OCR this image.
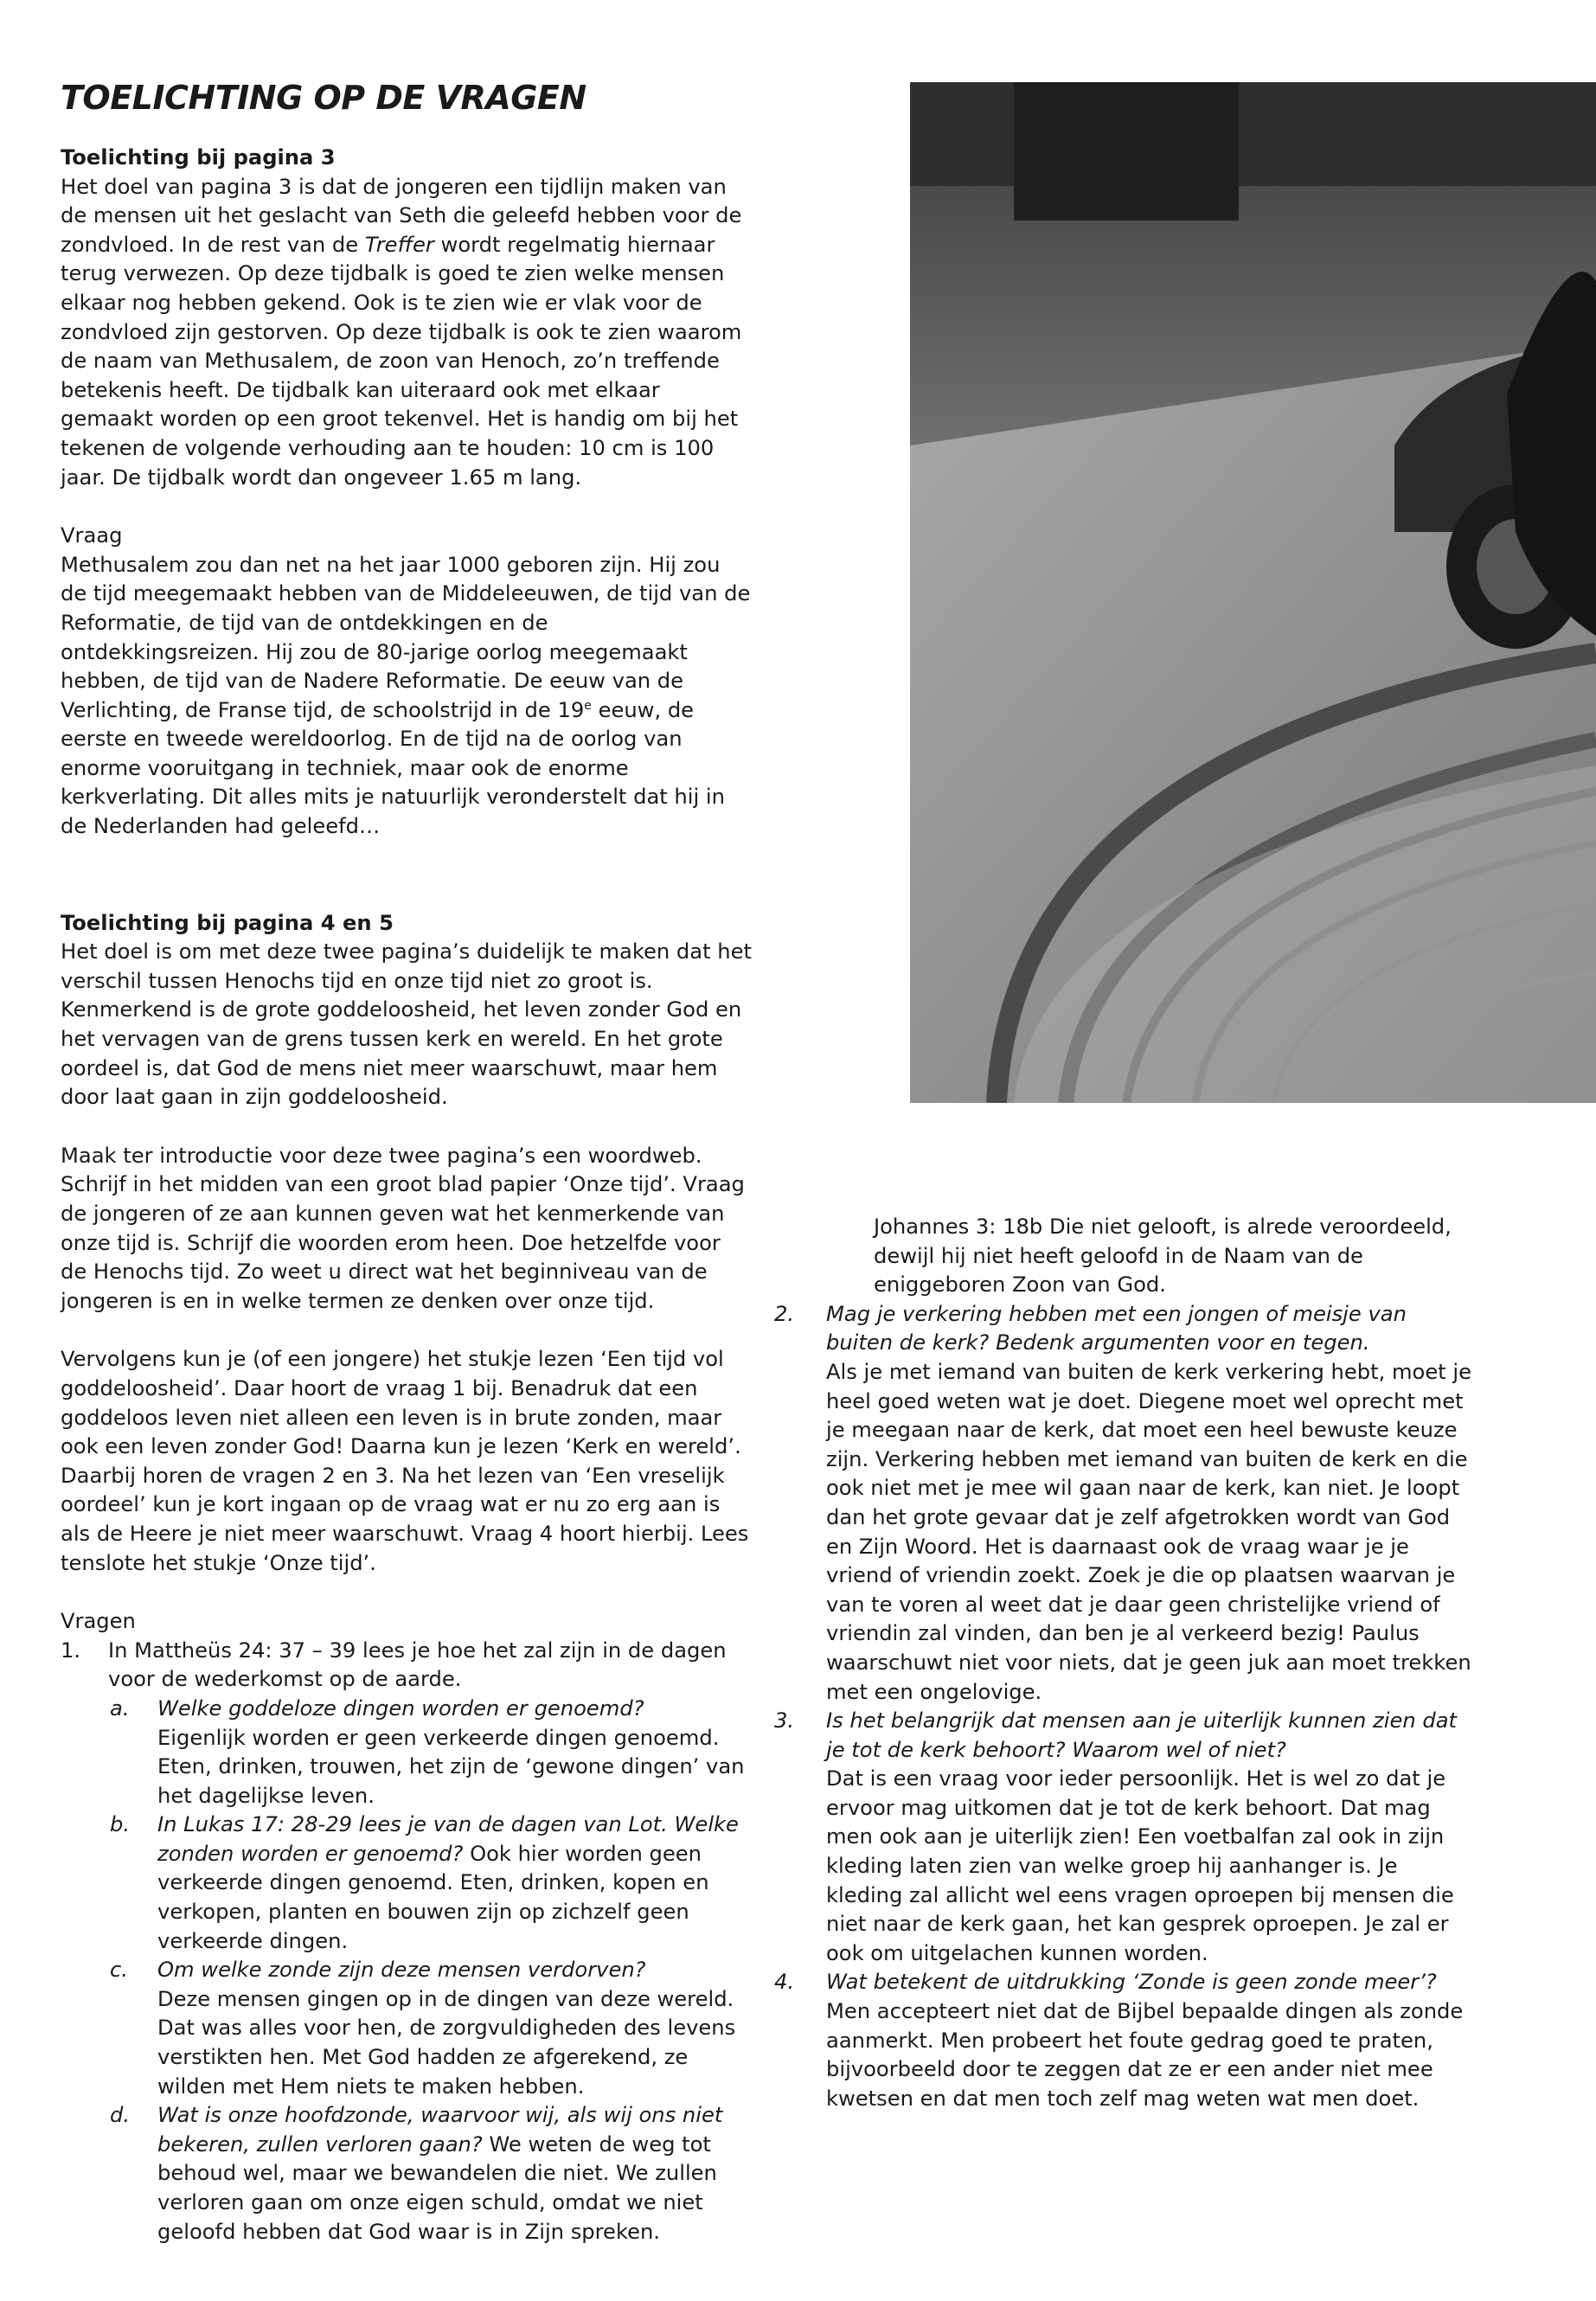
TOELICHTING OP DE VRAGEN

Toelichting bij pagina 3

Het doel van pagina 3 is dat de jongeren een tijdlijn maken van de mensen uit het geslacht van Seth die geleefd hebben voor de zondvloed. In de rest van de Treffer wordt regelmatig hiernaar terug verwezen. Op deze tijdbalk is goed te zien welke mensen elkaar nog hebben gekend. Ook is te zien wie er vlak voor de zondvloed zijn gestorven. Op deze tijdbalk is ook te zien waarom de naam van Methusalem, de zoon van Henoch, zo’n treffende betekenis heeft. De tijdbalk kan uiteraard ook met elkaar gemaakt worden op een groot tekenvel. Het is handig om bij het tekenen de volgende verhouding aan te houden: 10 cm is 100 jaar. De tijdbalk wordt dan ongeveer 1.65 m lang.

Vraag

Methusalem zou dan net na het jaar 1000 geboren zijn. Hij zou de tijd meegemaakt hebben van de Middeleeuwen, de tijd van de Reformatie, de tijd van de ontdekkingen en de ontdekkingsreizen. Hij zou de 80-jarige oorlog meegemaakt hebben, de tijd van de Nadere Reformatie. De eeuw van de Verlichting, de Franse tijd, de schoolstrijd in de 19e eeuw, de eerste en tweede wereldoorlog. En de tijd na de oorlog van enorme vooruitgang in techniek, maar ook de enorme kerkverlating. Dit alles mits je natuurlijk veronderstelt dat hij in de Nederlanden had geleefd…

Toelichting bij pagina 4 en 5

Het doel is om met deze twee pagina’s duidelijk te maken dat het verschil tussen Henochs tijd en onze tijd niet zo groot is. Kenmerkend is de grote goddeloosheid, het leven zonder God en het vervagen van de grens tussen kerk en wereld. En het grote oordeel is, dat God de mens niet meer waarschuwt, maar hem door laat gaan in zijn goddeloosheid.

Maak ter introductie voor deze twee pagina’s een woordweb. Schrijf in het midden van een groot blad papier ‘Onze tijd’. Vraag de jongeren of ze aan kunnen geven wat het kenmerkende van onze tijd is. Schrijf die woorden erom heen. Doe hetzelfde voor de Henochs tijd. Zo weet u direct wat het beginniveau van de jongeren is en in welke termen ze denken over onze tijd.

Vervolgens kun je (of een jongere) het stukje lezen ‘Een tijd vol goddeloosheid’. Daar hoort de vraag 1 bij. Benadruk dat een goddeloos leven niet alleen een leven is in brute zonden, maar ook een leven zonder God! Daarna kun je lezen ‘Kerk en wereld’. Daarbij horen de vragen 2 en 3. Na het lezen van ‘Een vreselijk oordeel’ kun je kort ingaan op de vraag wat er nu zo erg aan is als de Heere je niet meer waarschuwt. Vraag 4 hoort hierbij. Lees tenslote het stukje ‘Onze tijd’.

Vragen

1. In Mattheüs 24: 37 – 39 lees je hoe het zal zijn in de dagen voor de wederkomst op de aarde.

a. Welke goddeloze dingen worden er genoemd?

Eigenlijk worden er geen verkeerde dingen genoemd. Eten, drinken, trouwen, het zijn de ‘gewone dingen’ van het dagelijkse leven.

b. In Lukas 17: 28-29 lees je van de dagen van Lot. Welke zonden worden er genoemd? Ook hier worden geen verkeerde dingen genoemd. Eten, drinken, kopen en verkopen, planten en bouwen zijn op zichzelf geen verkeerde dingen.

c. Om welke zonde zijn deze mensen verdorven?

Deze mensen gingen op in de dingen van deze wereld. Dat was alles voor hen, de zorgvuldigheden des levens verstikten hen. Met God hadden ze afgerekend, ze wilden met Hem niets te maken hebben.

d. Wat is onze hoofdzonde, waarvoor wij, als wij ons niet bekeren, zullen verloren gaan? We weten de weg tot behoud wel, maar we bewandelen die niet. We zullen verloren gaan om onze eigen schuld, omdat we niet geloofd hebben dat God waar is in Zijn spreken.

Johannes 3: 18b Die niet gelooft, is alrede veroordeeld, dewijl hij niet heeft geloofd in de Naam van de eniggeboren Zoon van God.

2. Mag je verkering hebben met een jongen of meisje van buiten de kerk? Bedenk argumenten voor en tegen.

Als je met iemand van buiten de kerk verkering hebt, moet je heel goed weten wat je doet. Diegene moet wel oprecht met je meegaan naar de kerk, dat moet een heel bewuste keuze zijn. Verkering hebben met iemand van buiten de kerk en die ook niet met je mee wil gaan naar de kerk, kan niet. Je loopt dan het grote gevaar dat je zelf afgetrokken wordt van God en Zijn Woord. Het is daarnaast ook de vraag waar je je vriend of vriendin zoekt. Zoek je die op plaatsen waarvan je van te voren al weet dat je daar geen christelijke vriend of vriendin zal vinden, dan ben je al verkeerd bezig! Paulus waarschuwt niet voor niets, dat je geen juk aan moet trekken met een ongelovige.

3. Is het belangrijk dat mensen aan je uiterlijk kunnen zien dat je tot de kerk behoort? Waarom wel of niet?

Dat is een vraag voor ieder persoonlijk. Het is wel zo dat je ervoor mag uitkomen dat je tot de kerk behoort. Dat mag men ook aan je uiterlijk zien! Een voetbalfan zal ook in zijn kleding laten zien van welke groep hij aanhanger is. Je kleding zal allicht wel eens vragen oproepen bij mensen die niet naar de kerk gaan, het kan gesprek oproepen. Je zal er ook om uitgelachen kunnen worden.

4. Wat betekent de uitdrukking ‘Zonde is geen zonde meer’?

Men accepteert niet dat de Bijbel bepaalde dingen als zonde aanmerkt. Men probeert het foute gedrag goed te praten, bijvoorbeeld door te zeggen dat ze er een ander niet mee kwetsen en dat men toch zelf mag weten wat men doet.
